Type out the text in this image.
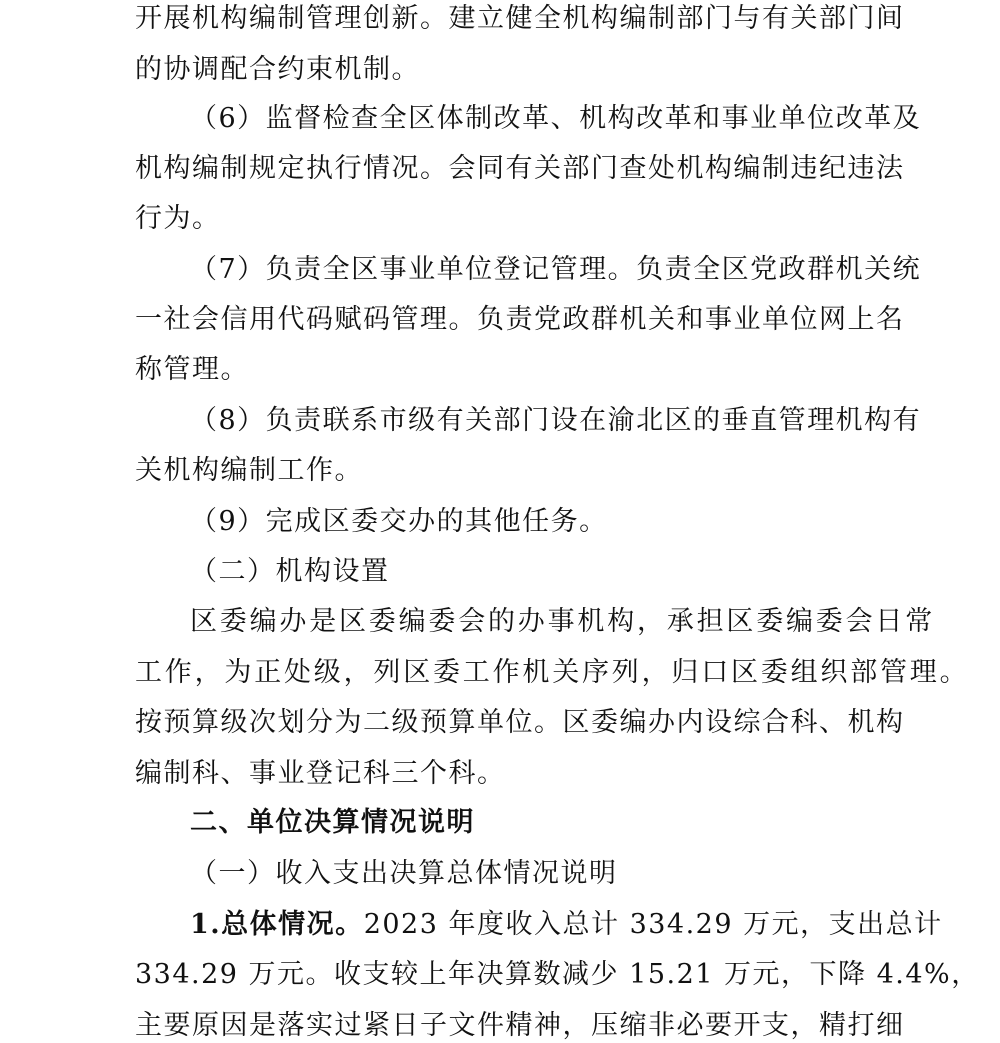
开展机构编制管理创新。建立健全机构编制部门与有关部门间
的协调配合约束机制。
（6）监督检查全区体制改革、机构改革和事业单位改革及
机构编制规定执行情况。会同有关部门查处机构编制违纪违法
行为。
（7）负责全区事业单位登记管理。负责全区党政群机关统
一社会信用代码赋码管理。负责党政群机关和事业单位网上名
称管理。
（8）负责联系市级有关部门设在渝北区的垂直管理机构有
关机构编制工作。
（9）完成区委交办的其他任务。
（二）机构设置
区委编办是区委编委会的办事机构，承担区委编委会日常
工作，为正处级，列区委工作机关序列，归口区委组织部管理。
按预算级次划分为二级预算单位。区委编办内设综合科、机构
编制科、事业登记科三个科。
二、单位决算情况说明
（一）收入支出决算总体情况说明
1.总体情况。2023 年度收入总计 334.29 万元，支出总计
334.29 万元。收支较上年决算数减少 15.21 万元，下降 4.4%，
主要原因是落实过紧日子文件精神，压缩非必要开支，精打细
